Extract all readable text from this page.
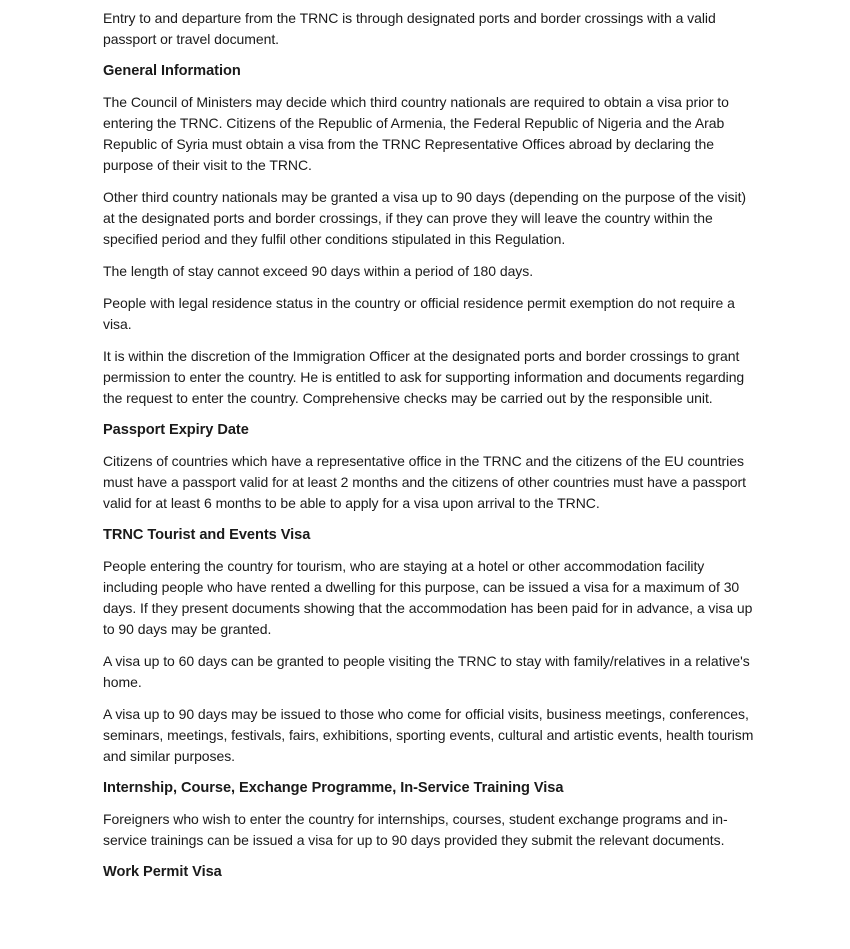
Entry to and departure from the TRNC is through designated ports and border crossings with a valid passport or travel document.

General Information

The Council of Ministers may decide which third country nationals are required to obtain a visa prior to entering the TRNC. Citizens of the Republic of Armenia, the Federal Republic of Nigeria and the Arab Republic of Syria must obtain a visa from the TRNC Representative Offices abroad by declaring the purpose of their visit to the TRNC.

Other third country nationals may be granted a visa up to 90 days (depending on the purpose of the visit) at the designated ports and border crossings, if they can prove they will leave the country within the specified period and they fulfil other conditions stipulated in this Regulation.

The length of stay cannot exceed 90 days within a period of 180 days.

People with legal residence status in the country or official residence permit exemption do not require a visa.

It is within the discretion of the Immigration Officer at the designated ports and border crossings to grant permission to enter the country. He is entitled to ask for supporting information and documents regarding the request to enter the country. Comprehensive checks may be carried out by the responsible unit.

Passport Expiry Date

Citizens of countries which have a representative office in the TRNC and the citizens of the EU countries must have a passport valid for at least 2 months and the citizens of other countries must have a passport valid for at least 6 months to be able to apply for a visa upon arrival to the TRNC.

TRNC Tourist and Events Visa

People entering the country for tourism, who are staying at a hotel or other accommodation facility including people who have rented a dwelling for this purpose, can be issued a visa for a maximum of 30 days. If they present documents showing that the accommodation has been paid for in advance, a visa up to 90 days may be granted.

A visa up to 60 days can be granted to people visiting the TRNC to stay with family/relatives in a relative's home.

A visa up to 90 days may be issued to those who come for official visits, business meetings, conferences, seminars, meetings, festivals, fairs, exhibitions, sporting events, cultural and artistic events, health tourism and similar purposes.

Internship, Course, Exchange Programme, In-Service Training Visa

Foreigners who wish to enter the country for internships, courses, student exchange programs and in-service trainings can be issued a visa for up to 90 days provided they submit the relevant documents.

Work Permit Visa
